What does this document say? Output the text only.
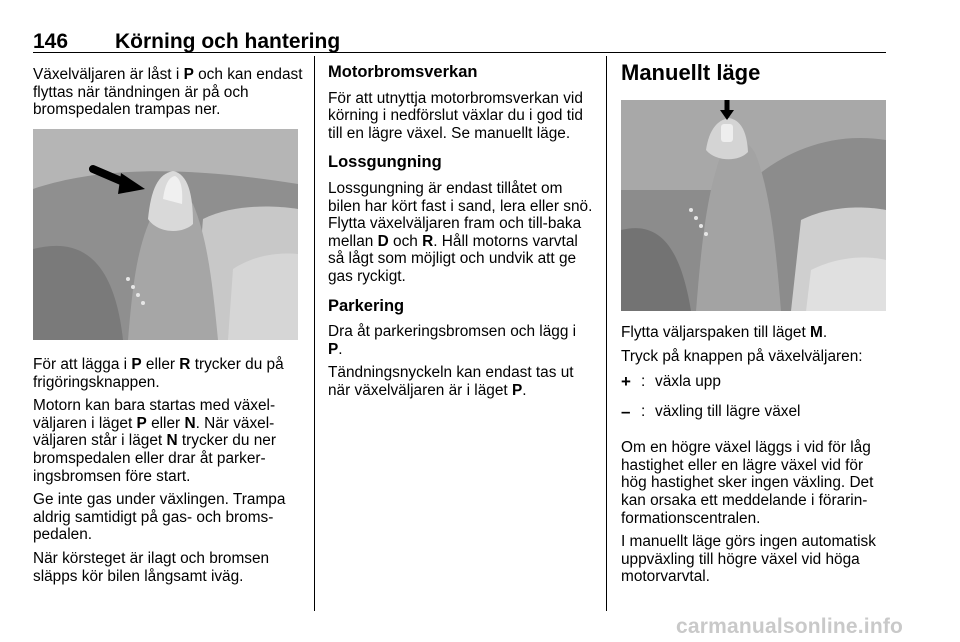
146 Körning och hantering

Växelväljaren är låst i P och kan endast flyttas när tändningen är på och bromspedalen trampas ner.

För att lägga i P eller R trycker du på frigöringsknappen.

Motorn kan bara startas med växel-väljaren i läget P eller N. När växel-väljaren står i läget N trycker du ner bromspedalen eller drar åt parker-ingsbromsen före start.

Ge inte gas under växlingen. Trampa aldrig samtidigt på gas- och broms-pedalen.

När körsteget är ilagt och bromsen släpps kör bilen långsamt iväg.

Motorbromsverkan

För att utnyttja motorbromsverkan vid körning i nedförslut växlar du i god tid till en lägre växel. Se manuellt läge.

Lossgungning

Lossgungning är endast tillåtet om bilen har kört fast i sand, lera eller snö. Flytta växelväljaren fram och till-baka mellan D och R. Håll motorns varvtal så lågt som möjligt och undvik att ge gas ryckigt.

Parkering

Dra åt parkeringsbromsen och lägg i P.

Tändningsnyckeln kan endast tas ut när växelväljaren är i läget P.

Manuellt läge

Flytta väljarspaken till läget M.

Tryck på knappen på växelväljaren:

+ : växla upp
– : växling till lägre växel

Om en högre växel läggs i vid för låg hastighet eller en lägre växel vid för hög hastighet sker ingen växling. Det kan orsaka ett meddelande i förarin-formationscentralen.

I manuellt läge görs ingen automatisk uppväxling till högre växel vid höga motorvarvtal.

carmanualsonline.info
